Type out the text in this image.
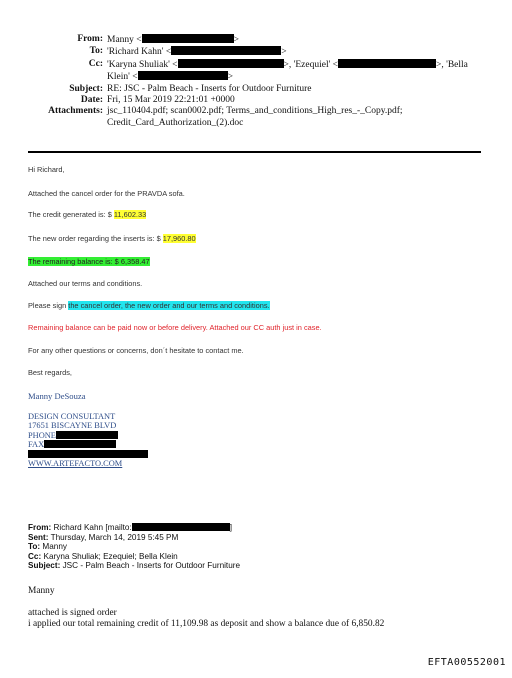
From: Manny <	>
To: 'Richard Kahn' <	>
Cc: 'Karyna Shuliak' <	>, 'Ezequiel' <	>, 'Bella
Klein' <	>
Subject: RE: JSC - Palm Beach - Inserts for Outdoor Furniture
Date: Fri, 15 Mar 2019 22:21:01 +0000
Attachments: jsc_110404.pdf; scan0002.pdf; Terms_and_conditions_High_res_-_Copy.pdf;
Credit_Card_Authorization_(2).doc
Hi Richard,
Attached the cancel order for the PRAVDA sofa.
The credit generated is: $ 11,602.33
The new order regarding the inserts is: $ 17,960.80
The remaining balance is: $ 6,358.47
Attached our terms and conditions.
Please sign the cancel order, the new order and our terms and conditions.
Remaining balance can be paid now or before delivery. Attached our CC auth just in case.
For any other questions or concerns, don´t hesitate to contact me.
Best regards,
Manny DeSouza
DESIGN CONSULTANT
17651 BISCAYNE BLVD
PHONE
FAX
WWW.ARTEFACTO.COM
From: Richard Kahn [mailto:	]
Sent: Thursday, March 14, 2019 5:45 PM
To: Manny
Cc: Karyna Shuliak; Ezequiel; Bella Klein
Subject: JSC - Palm Beach - Inserts for Outdoor Furniture
Manny
attached is signed order
i applied our total remaining credit of 11,109.98 as deposit and show a balance due of 6,850.82
EFTA00552001
